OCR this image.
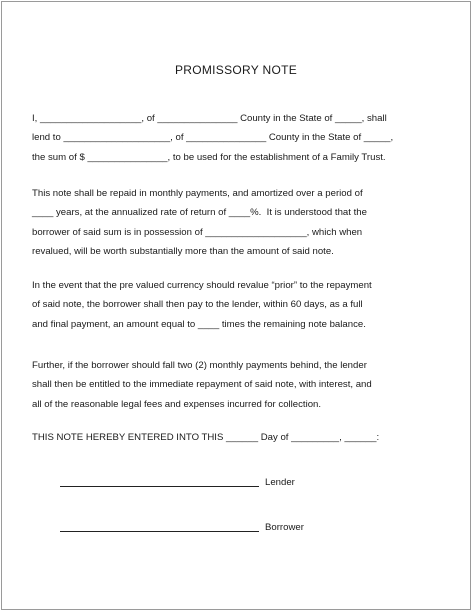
PROMISSORY NOTE

I, ___________________, of _______________ County in the State of _____, shall
lend to ____________________, of _______________ County in the State of _____,
the sum of $ _______________, to be used for the establishment of a Family Trust.

This note shall be repaid in monthly payments, and amortized over a period of
____ years, at the annualized rate of return of ____%.  It is understood that the
borrower of said sum is in possession of ___________________, which when
revalued, will be worth substantially more than the amount of said note.

In the event that the pre valued currency should revalue “prior” to the repayment
of said note, the borrower shall then pay to the lender, within 60 days, as a full
and final payment, an amount equal to ____ times the remaining note balance.

Further, if the borrower should fall two (2) monthly payments behind, the lender
shall then be entitled to the immediate repayment of said note, with interest, and
all of the reasonable legal fees and expenses incurred for collection.

THIS NOTE HEREBY ENTERED INTO THIS ______ Day of _________, ______:

Lender
Borrower
